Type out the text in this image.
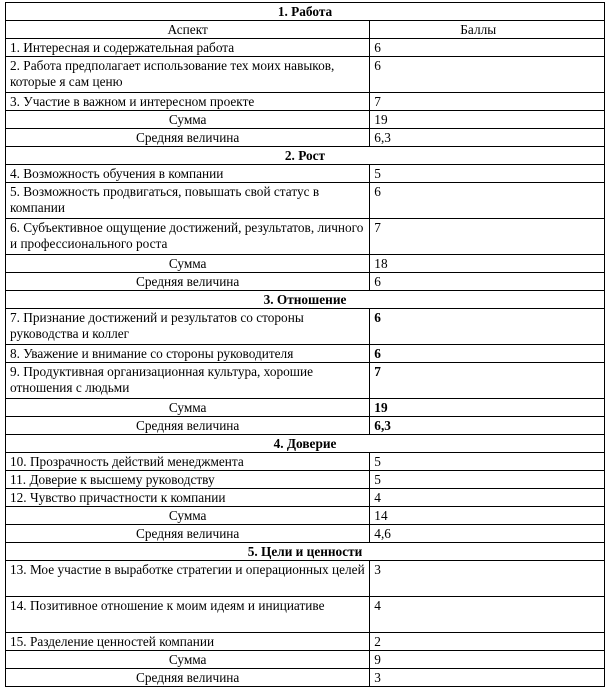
1. Работа	
Аспект	Баллы
1. Интересная и содержательная работа	6
2. Работа предполагает использование тех моих навыков, которые я сам ценю	6
3. Участие в важном и интересном проекте	7
Сумма	19
Средняя величина	6,3
2. Рост	
4. Возможность обучения в компании	5
5. Возможность продвигаться, повышать свой статус в компании	6
6. Субъективное ощущение достижений, результатов, личного и профессионального роста	7
Сумма	18
Средняя величина	6
3. Отношение	
7. Признание достижений и результатов со стороны руководства и коллег	6
8. Уважение и внимание со стороны руководителя	6
9. Продуктивная организационная культура, хорошие отношения с людьми	7
Сумма	19
Средняя величина	6,3
4. Доверие	
10. Прозрачность действий менеджмента	5
11. Доверие к высшему руководству	5
12. Чувство причастности к компании	4
Сумма	14
Средняя величина	4,6
5. Цели и ценности	
13. Мое участие в выработке стратегии и операционных целей	3
14. Позитивное отношение к моим идеям и инициативе	4
15. Разделение ценностей компании	2
Сумма	9
Средняя величина	3
